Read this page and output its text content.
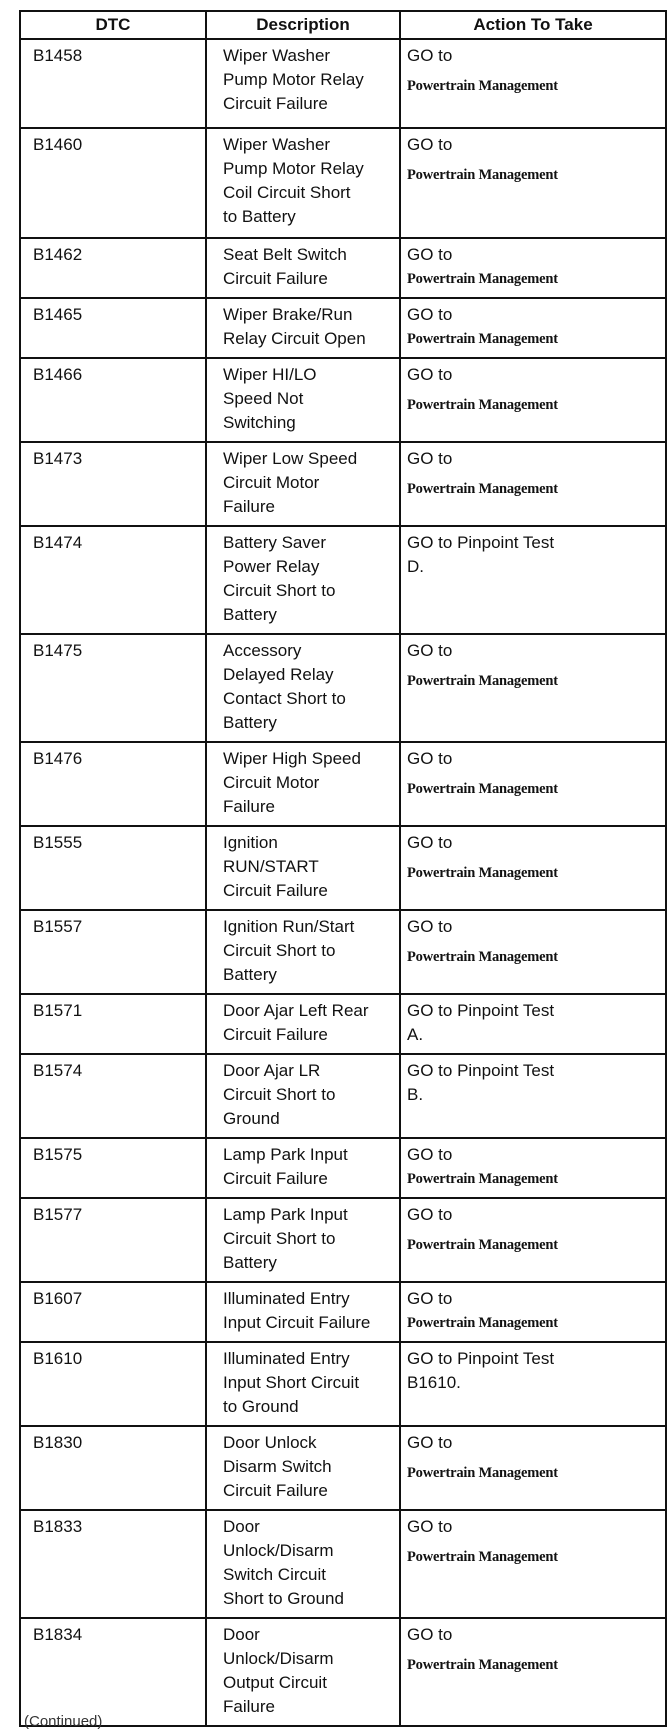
DTC	Description	Action To Take

B1458	Wiper Washer
Pump Motor Relay
Circuit Failure	GO to
Powertrain Management

B1460	Wiper Washer
Pump Motor Relay
Coil Circuit Short
to Battery	GO to
Powertrain Management

B1462	Seat Belt Switch
Circuit Failure	GO to
Powertrain Management

B1465	Wiper Brake/Run
Relay Circuit Open	GO to
Powertrain Management

B1466	Wiper HI/LO
Speed Not
Switching	GO to
Powertrain Management

B1473	Wiper Low Speed
Circuit Motor
Failure	GO to
Powertrain Management

B1474	Battery Saver
Power Relay
Circuit Short to
Battery	GO to Pinpoint Test
D.

B1475	Accessory
Delayed Relay
Contact Short to
Battery	GO to
Powertrain Management

B1476	Wiper High Speed
Circuit Motor
Failure	GO to
Powertrain Management

B1555	Ignition
RUN/START
Circuit Failure	GO to
Powertrain Management

B1557	Ignition Run/Start
Circuit Short to
Battery	GO to
Powertrain Management

B1571	Door Ajar Left Rear
Circuit Failure	GO to Pinpoint Test
A.

B1574	Door Ajar LR
Circuit Short to
Ground	GO to Pinpoint Test
B.

B1575	Lamp Park Input
Circuit Failure	GO to
Powertrain Management

B1577	Lamp Park Input
Circuit Short to
Battery	GO to
Powertrain Management

B1607	Illuminated Entry
Input Circuit Failure	GO to
Powertrain Management

B1610	Illuminated Entry
Input Short Circuit
to Ground	GO to Pinpoint Test
B1610.

B1830	Door Unlock
Disarm Switch
Circuit Failure	GO to
Powertrain Management

B1833	Door
Unlock/Disarm
Switch Circuit
Short to Ground	GO to
Powertrain Management

B1834	Door
Unlock/Disarm
Output Circuit
Failure	GO to
Powertrain Management
(Continued)
